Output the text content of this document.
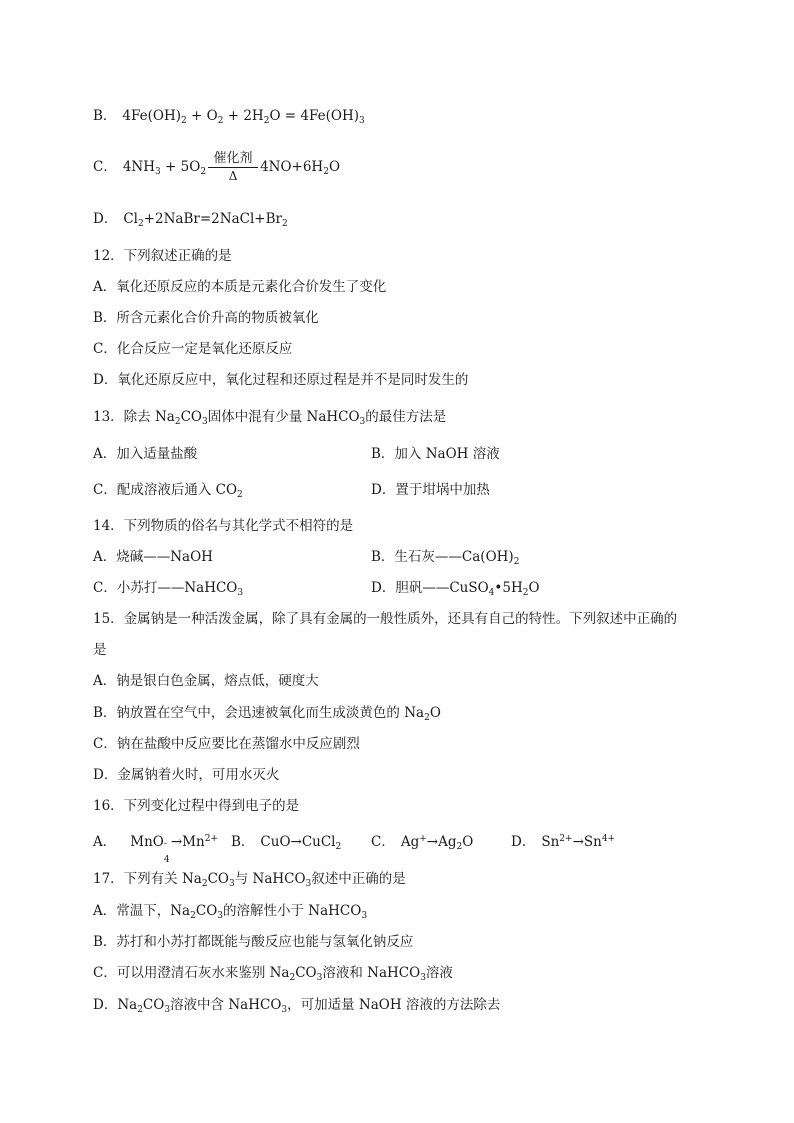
B． $4Fe(OH)_2 + O_2 + 2H_2O = 4Fe(OH)_3$
C． $4NH_3 + 5O_2 \frac{\text{催化剂}}{\Delta} 4NO+6H_2O$
D． $Cl_2+2NaBr=2NaCl+Br_2$
12．下列叙述正确的是
A．氧化还原反应的本质是元素化合价发生了变化
B．所含元素化合价升高的物质被氧化
C．化合反应一定是氧化还原反应
D．氧化还原反应中，氧化过程和还原过程是并不是同时发生的
13．除去 $Na_2CO_3$固体中混有少量 NaHCO$_3$的最佳方法是
A．加入适量盐酸	B．加入 NaOH 溶液
C．配成溶液后通入 $CO_2$	D．置于坩埚中加热
14．下列物质的俗名与其化学式不相符的是
A．烧碱——NaOH	B．生石灰$——Ca(OH)_2$
C．小苏打——NaHCO$_3$	D．胆矾$——CuSO_4•5H_2O$
15．金属钠是一种活泼金属，除了具有金属的一般性质外，还具有自己的特性。下列叙述中正确的
是
A．钠是银白色金属，熔点低，硬度大
B．钠放置在空气中，会迅速被氧化而生成淡黄色的 $Na_2O$
C．钠在盐酸中反应要比在蒸馏水中反应剧烈
D．金属钠着火时，可用水灭火
16．下列变化过程中得到电子的是
A． MnO -
4
$\to Mn^{2+}$ B． CuO→CuCl$_2$ C． $Ag^+\to Ag_2O$	D． $Sn^{2+}\to Sn^{4+}$
17．下列有关 $Na_2CO_3$与 NaHCO$_3$叙述中正确的是
A．常温下，$Na_2CO_3$的溶解性小于 NaHCO$_3$
B．苏打和小苏打都既能与酸反应也能与氢氧化钠反应
C．可以用澄清石灰水来鉴别 $Na_2CO_3$溶液和 NaHCO$_3$溶液
D．$Na_2CO_3$溶液中含 NaHCO$_3$，可加适量 NaOH 溶液的方法除去
